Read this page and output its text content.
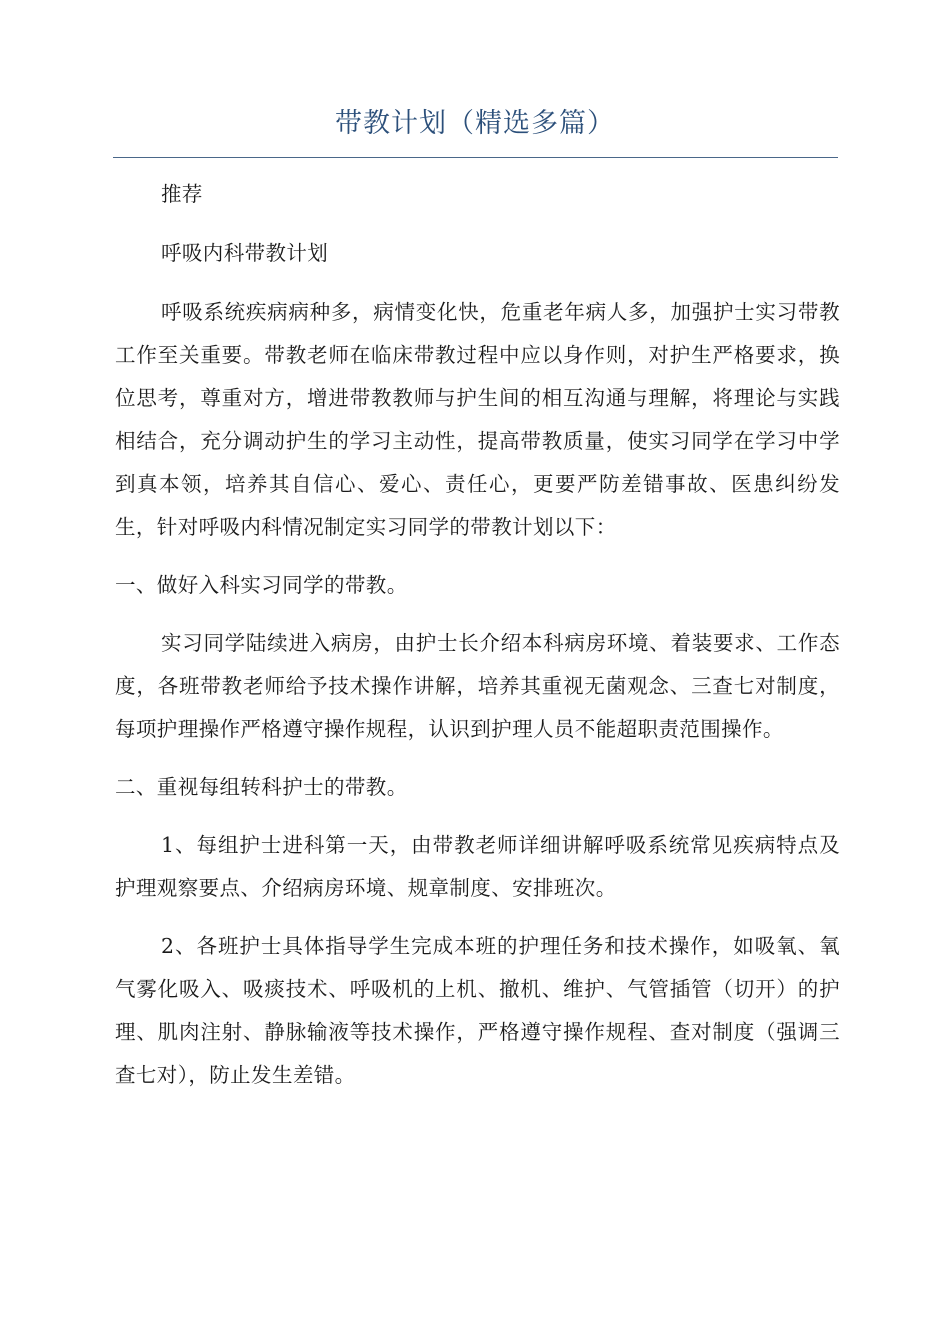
带教计划（精选多篇）

推荐

呼吸内科带教计划

呼吸系统疾病病种多，病情变化快，危重老年病人多，加强护士实习带教工作至关重要。带教老师在临床带教过程中应以身作则，对护生严格要求，换位思考，尊重对方，增进带教教师与护生间的相互沟通与理解，将理论与实践相结合，充分调动护生的学习主动性，提高带教质量，使实习同学在学习中学到真本领，培养其自信心、爱心、责任心，更要严防差错事故、医患纠纷发生，针对呼吸内科情况制定实习同学的带教计划以下：

一、做好入科实习同学的带教。

实习同学陆续进入病房，由护士长介绍本科病房环境、着装要求、工作态度，各班带教老师给予技术操作讲解，培养其重视无菌观念、三查七对制度，每项护理操作严格遵守操作规程，认识到护理人员不能超职责范围操作。

二、重视每组转科护士的带教。

1、每组护士进科第一天，由带教老师详细讲解呼吸系统常见疾病特点及护理观察要点、介绍病房环境、规章制度、安排班次。

2、各班护士具体指导学生完成本班的护理任务和技术操作，如吸氧、氧气雾化吸入、吸痰技术、呼吸机的上机、撤机、维护、气管插管（切开）的护理、肌肉注射、静脉输液等技术操作，严格遵守操作规程、查对制度（强调三查七对），防止发生差错。
